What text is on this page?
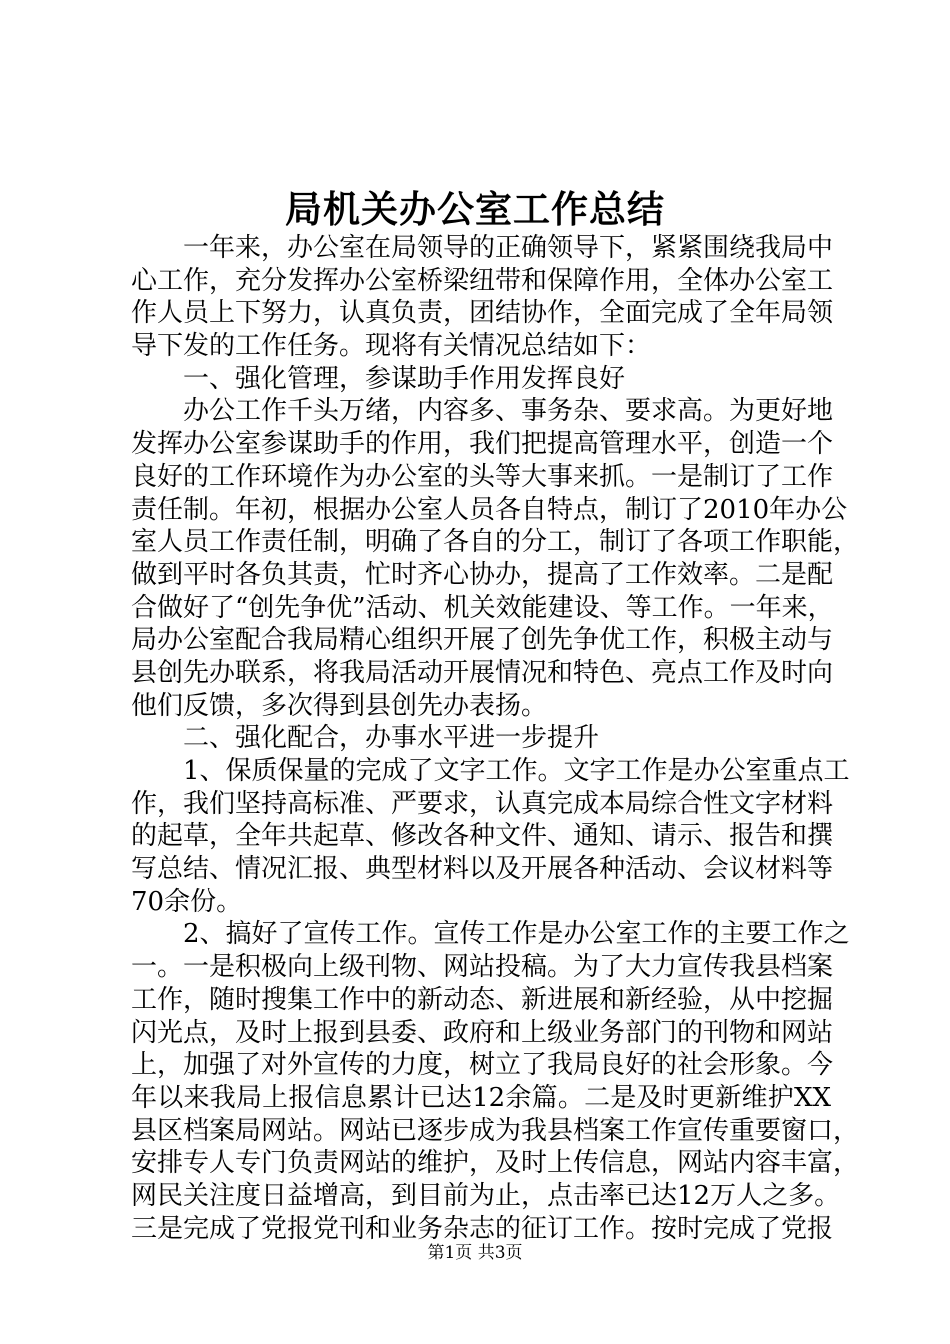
局机关办公室工作总结
　　一年来，办公室在局领导的正确领导下，紧紧围绕我局中
心工作，充分发挥办公室桥梁纽带和保障作用，全体办公室工
作人员上下努力，认真负责，团结协作，全面完成了全年局领
导下发的工作任务。现将有关情况总结如下：
　　一、强化管理，参谋助手作用发挥良好
　　办公工作千头万绪，内容多、事务杂、要求高。为更好地
发挥办公室参谋助手的作用，我们把提高管理水平，创造一个
良好的工作环境作为办公室的头等大事来抓。一是制订了工作
责任制。年初，根据办公室人员各自特点，制订了2010年办公
室人员工作责任制，明确了各自的分工，制订了各项工作职能，
做到平时各负其责，忙时齐心协办，提高了工作效率。二是配
合做好了“创先争优”活动、机关效能建设、等工作。一年来，
局办公室配合我局精心组织开展了创先争优工作，积极主动与
县创先办联系，将我局活动开展情况和特色、亮点工作及时向
他们反馈，多次得到县创先办表扬。
　　二、强化配合，办事水平进一步提升
　　1、保质保量的完成了文字工作。文字工作是办公室重点工
作，我们坚持高标准、严要求，认真完成本局综合性文字材料
的起草，全年共起草、修改各种文件、通知、请示、报告和撰
写总结、情况汇报、典型材料以及开展各种活动、会议材料等
70余份。
　　2、搞好了宣传工作。宣传工作是办公室工作的主要工作之
一。一是积极向上级刊物、网站投稿。为了大力宣传我县档案
工作，随时搜集工作中的新动态、新进展和新经验，从中挖掘
闪光点，及时上报到县委、政府和上级业务部门的刊物和网站
上，加强了对外宣传的力度，树立了我局良好的社会形象。今
年以来我局上报信息累计已达12余篇。二是及时更新维护XX
县区档案局网站。网站已逐步成为我县档案工作宣传重要窗口，
安排专人专门负责网站的维护，及时上传信息，网站内容丰富，
网民关注度日益增高，到目前为止，点击率已达12万人之多。
三是完成了党报党刊和业务杂志的征订工作。按时完成了党报
第1页 共3页
